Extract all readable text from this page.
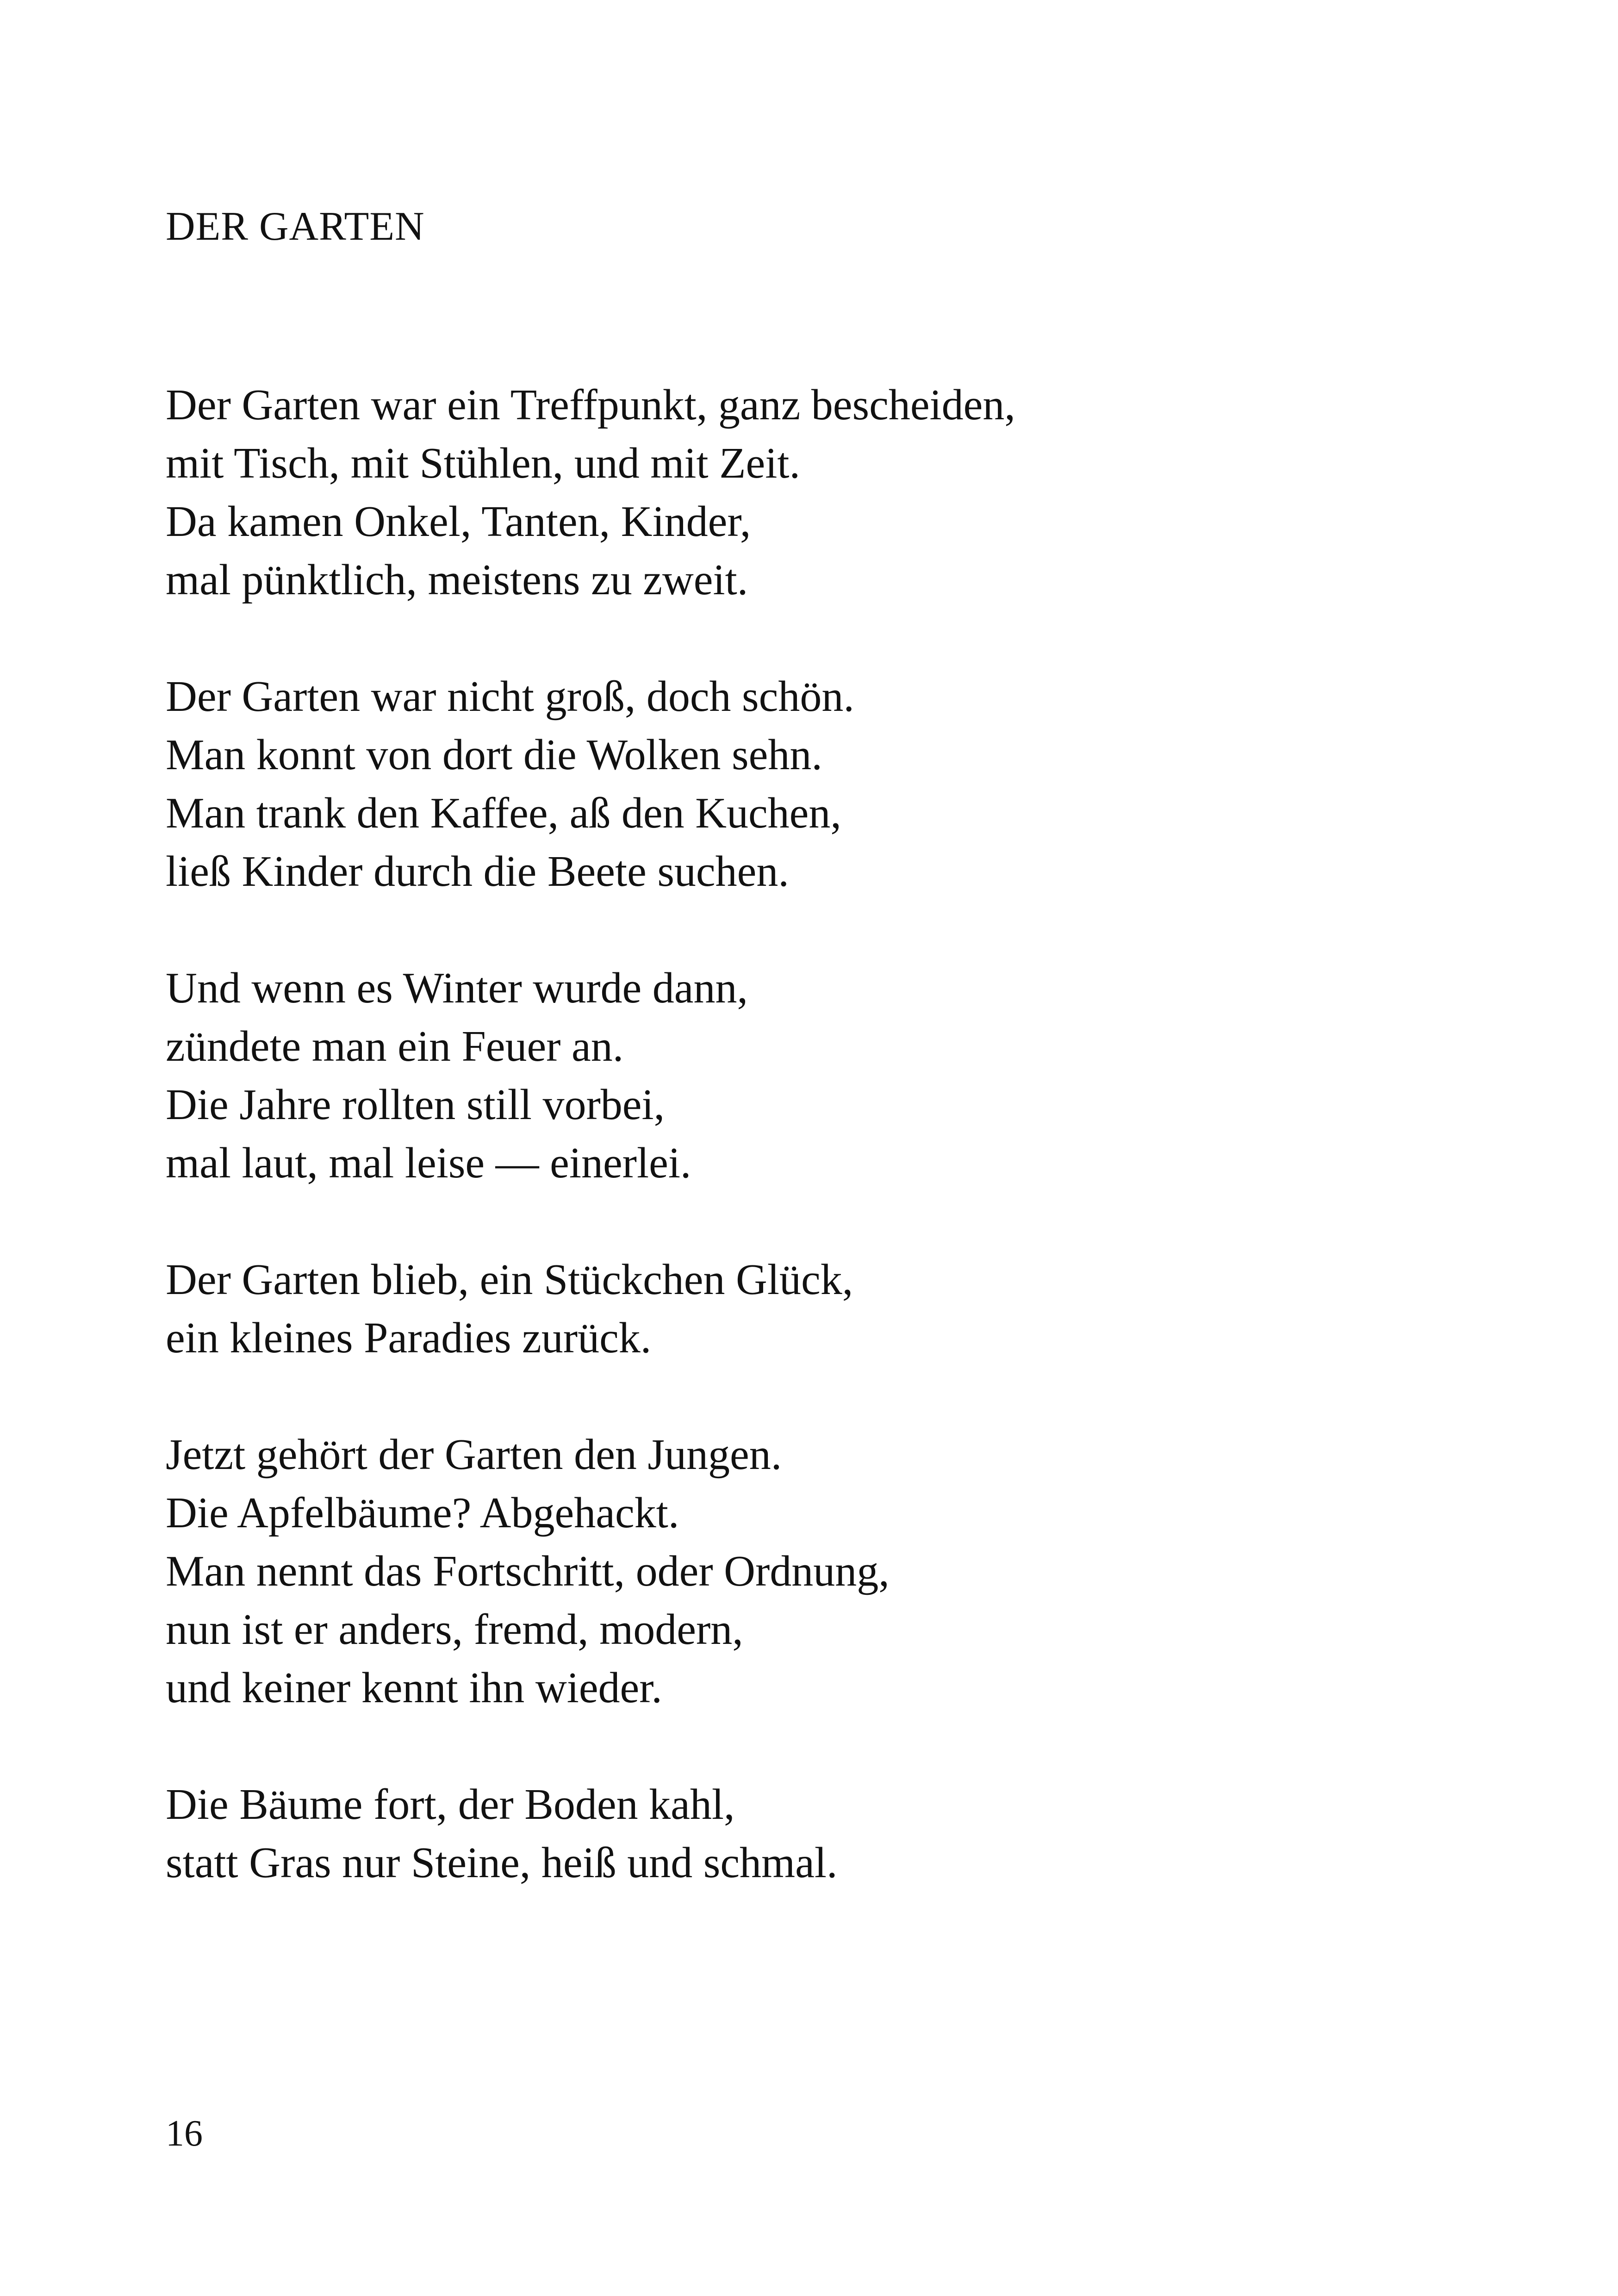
DER GARTEN
Der Garten war ein Treffpunkt, ganz bescheiden,
mit Tisch, mit Stühlen, und mit Zeit.
Da kamen Onkel, Tanten, Kinder,
mal pünktlich, meistens zu zweit.
Der Garten war nicht groß, doch schön.
Man konnt von dort die Wolken sehn.
Man trank den Kaffee, aß den Kuchen,
ließ Kinder durch die Beete suchen.
Und wenn es Winter wurde dann,
zündete man ein Feuer an.
Die Jahre rollten still vorbei,
mal laut, mal leise — einerlei.
Der Garten blieb, ein Stückchen Glück,
ein kleines Paradies zurück.
Jetzt gehört der Garten den Jungen.
Die Apfelbäume? Abgehackt.
Man nennt das Fortschritt, oder Ordnung,
nun ist er anders, fremd, modern,
und keiner kennt ihn wieder.
Die Bäume fort, der Boden kahl,
statt Gras nur Steine, heiß und schmal.
16
